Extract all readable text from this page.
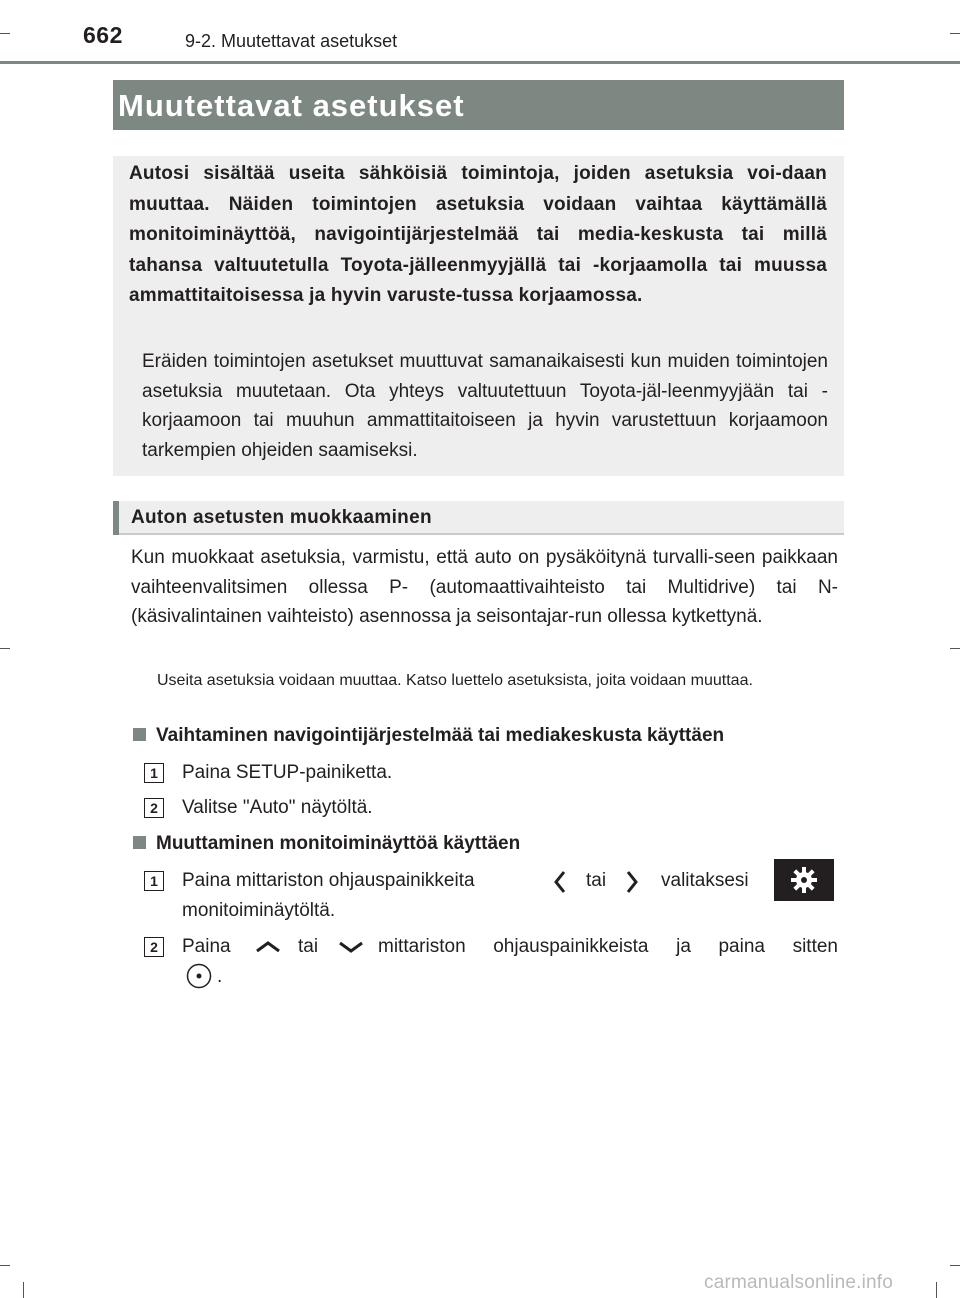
662	9-2. Muutettavat asetukset
Muutettavat asetukset
Autosi sisältää useita sähköisiä toimintoja, joiden asetuksia voi-daan muuttaa. Näiden toimintojen asetuksia voidaan vaihtaa käyttämällä monitoiminäyttöä, navigointijärjestelmää tai media-keskusta tai millä tahansa valtuutetulla Toyota-jälleenmyyjällä tai -korjaamolla tai muussa ammattitaitoisessa ja hyvin varuste-tussa korjaamossa.
Eräiden toimintojen asetukset muuttuvat samanaikaisesti kun muiden toimintojen asetuksia muutetaan. Ota yhteys valtuutettuun Toyota-jäl-leenmyyjään tai -korjaamoon tai muuhun ammattitaitoiseen ja hyvin varustettuun korjaamoon tarkempien ohjeiden saamiseksi.
Auton asetusten muokkaaminen
Kun muokkaat asetuksia, varmistu, että auto on pysäköitynä turvalli-seen paikkaan vaihteenvalitsimen ollessa P- (automaattivaihteisto tai Multidrive) tai N- (käsivalintainen vaihteisto) asennossa ja seisontajar-run ollessa kytkettynä.
Useita asetuksia voidaan muuttaa. Katso luettelo asetuksista, joita voidaan muuttaa.
Vaihtaminen navigointijärjestelmää tai mediakeskusta käyttäen
1	Paina SETUP-painiketta.
2	Valitse "Auto" näytöltä.
Muuttaminen monitoiminäyttöä käyttäen
1	Paina mittariston ohjauspainikkeita	tai	valitaksesi
monitoiminäytöltä.
2	Paina	tai	mittariston ohjauspainikkeista ja paina sitten
.
carmanualsonline.info
